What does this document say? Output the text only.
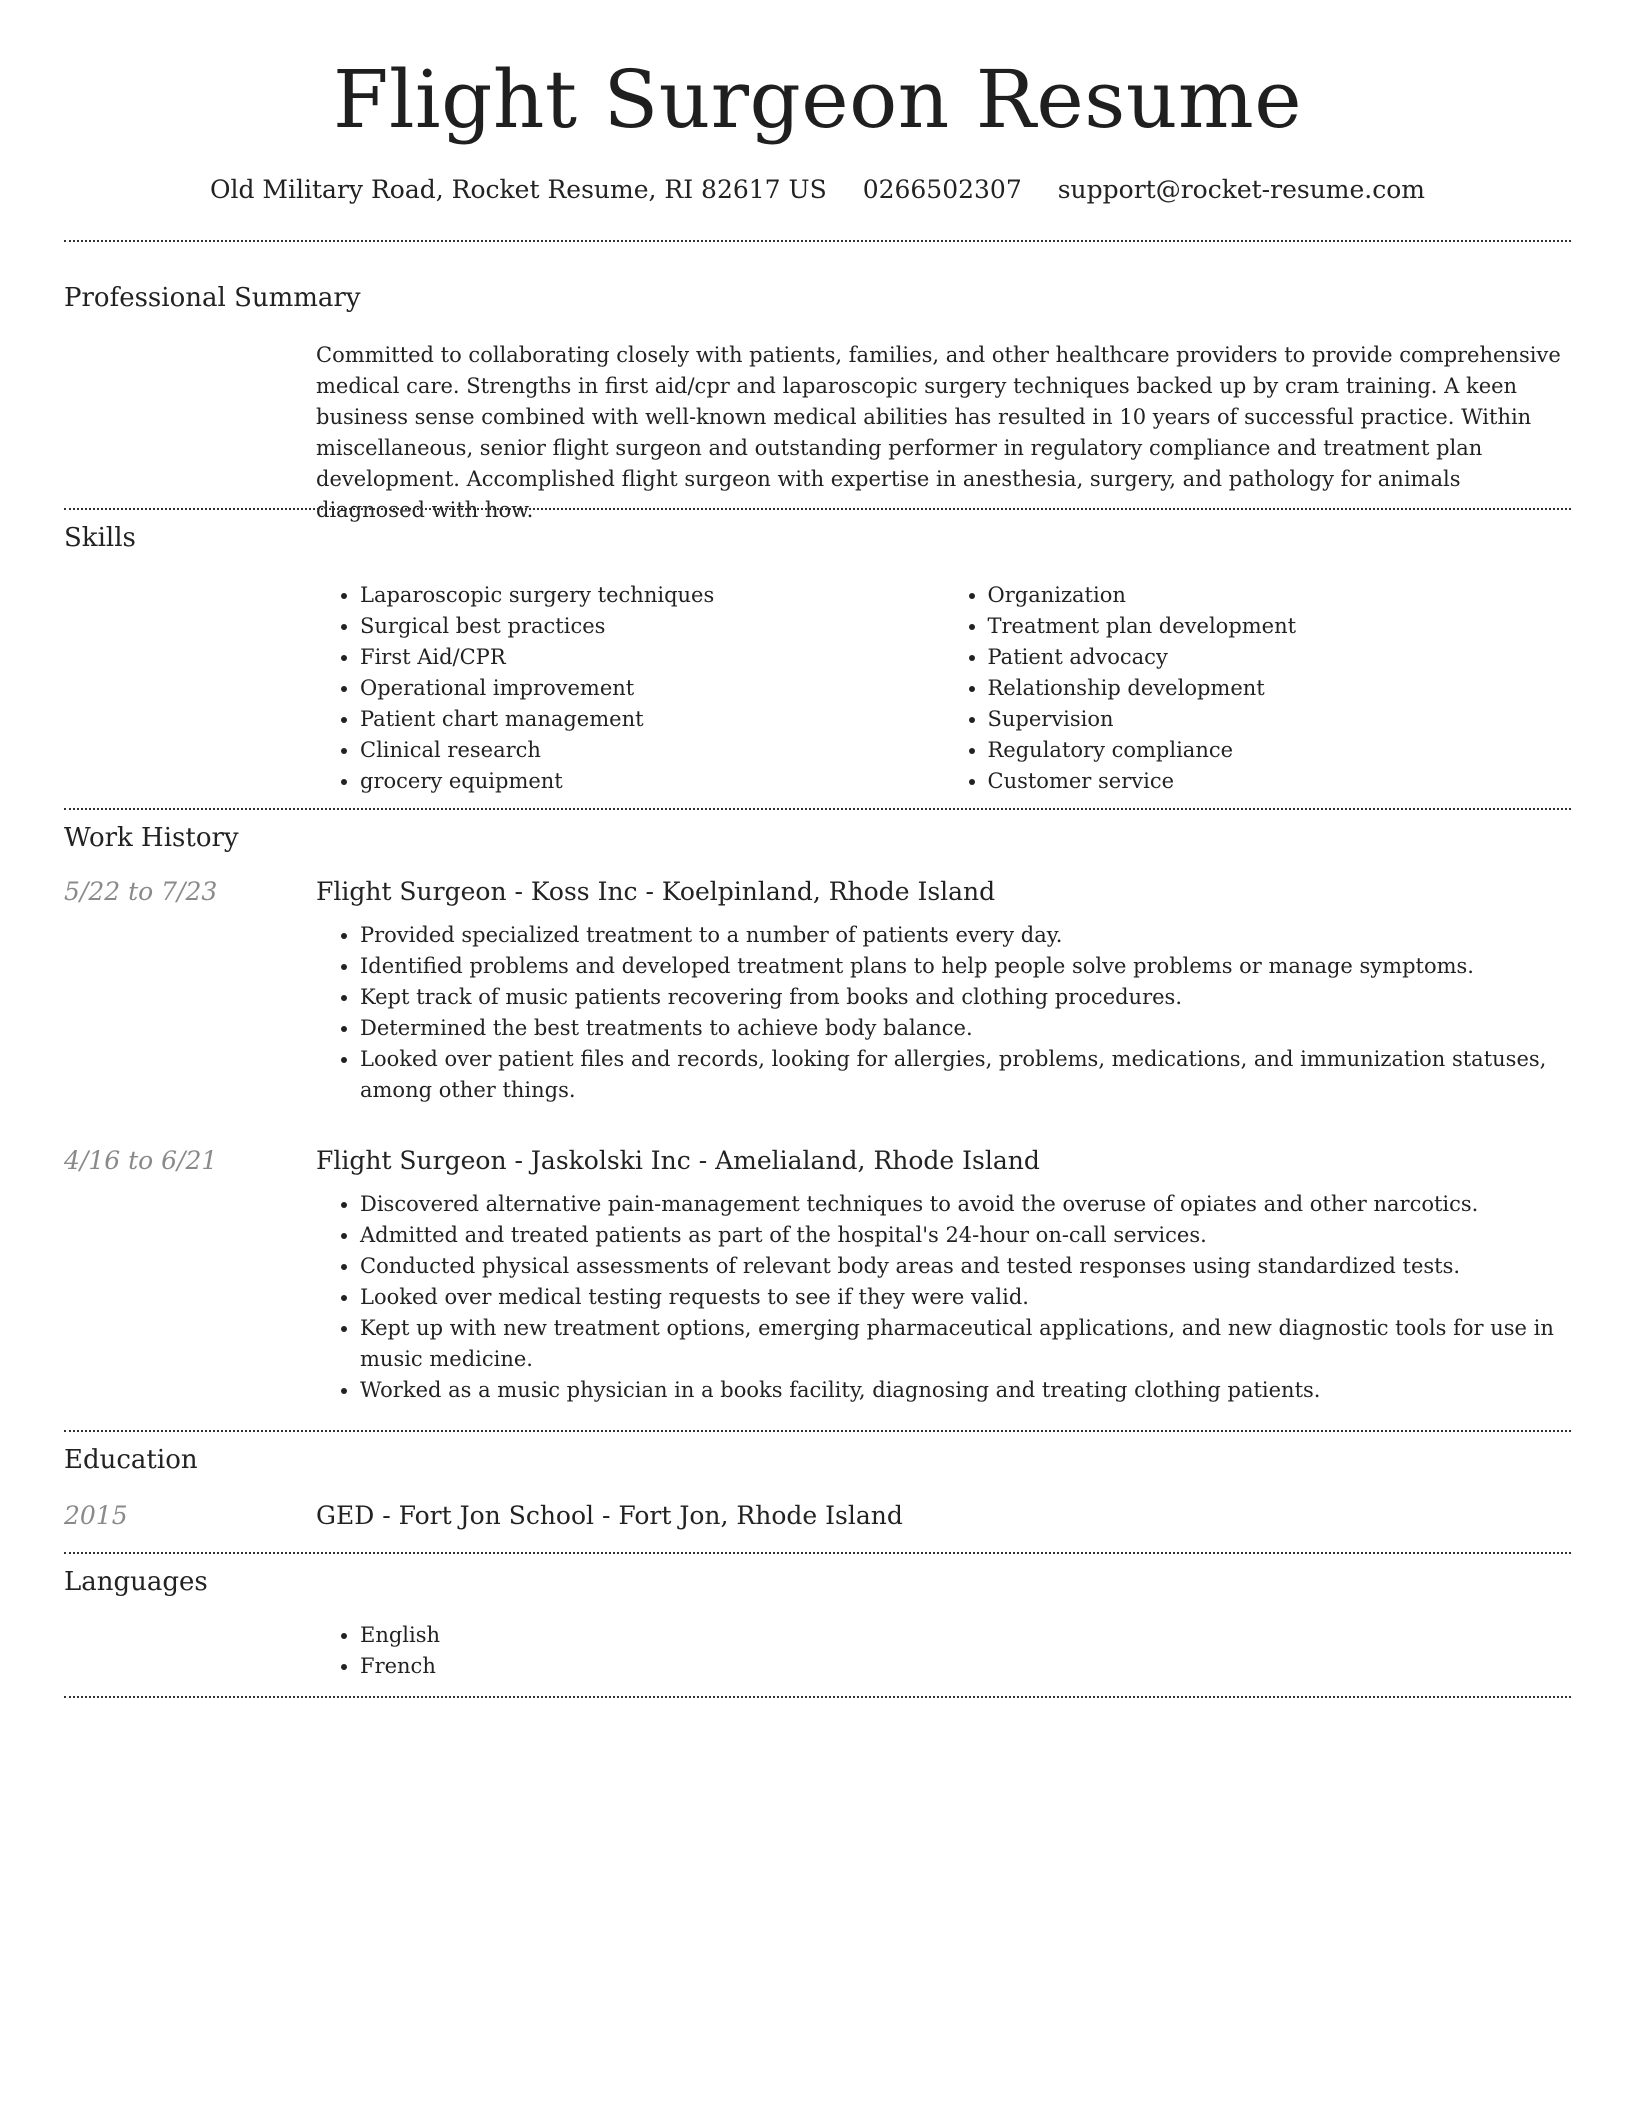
Flight Surgeon Resume
Old Military Road, Rocket Resume, RI 82617 US 0266502307 support@rocket-resume.com
Professional Summary

Committed to collaborating closely with patients, families, and other healthcare providers to provide comprehensive medical care. Strengths in first aid/cpr and laparoscopic surgery techniques backed up by cram training. A keen business sense combined with well-known medical abilities has resulted in 10 years of successful practice. Within miscellaneous, senior flight surgeon and outstanding performer in regulatory compliance and treatment plan development. Accomplished flight surgeon with expertise in anesthesia, surgery, and pathology for animals diagnosed with how.

Skills
• Laparoscopic surgery techniques
• Surgical best practices
• First Aid/CPR
• Operational improvement
• Patient chart management
• Clinical research
• grocery equipment
• Organization
• Treatment plan development
• Patient advocacy
• Relationship development
• Supervision
• Regulatory compliance
• Customer service
Work History
5/22 to 7/23	Flight Surgeon - Koss Inc - Koelpinland, Rhode Island
• Provided specialized treatment to a number of patients every day.
• Identified problems and developed treatment plans to help people solve problems or manage symptoms.
• Kept track of music patients recovering from books and clothing procedures.
• Determined the best treatments to achieve body balance.
• Looked over patient files and records, looking for allergies, problems, medications, and immunization statuses, among other things.
4/16 to 6/21	Flight Surgeon - Jaskolski Inc - Amelialand, Rhode Island
• Discovered alternative pain-management techniques to avoid the overuse of opiates and other narcotics.
• Admitted and treated patients as part of the hospital's 24-hour on-call services.
• Conducted physical assessments of relevant body areas and tested responses using standardized tests.
• Looked over medical testing requests to see if they were valid.
• Kept up with new treatment options, emerging pharmaceutical applications, and new diagnostic tools for use in music medicine.
• Worked as a music physician in a books facility, diagnosing and treating clothing patients.
Education
2015	GED - Fort Jon School - Fort Jon, Rhode Island
Languages
• English
• French
